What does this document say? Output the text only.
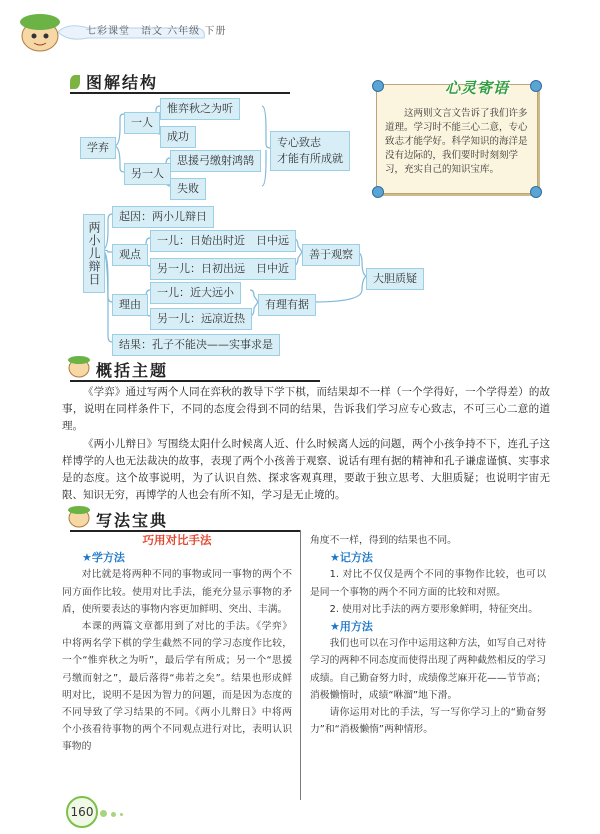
七彩课堂　语文 六年级 下册
图解结构
学弃
一人
另一人
惟弈秋之为听
成功
思援弓缴射鸿鹄
失败
专心致志
才能有所成就
两小儿辩日
起因：两小儿辩日
观点
一儿：日始出时近　日中远
另一儿：日初出远　日中近
善于观察
理由
一儿：近大远小
另一儿：远凉近热
有理有据
大胆质疑
结果：孔子不能决——实事求是
心灵寄语
这两则文言文告诉了我们许多道理。学习时不能三心二意，专心致志才能学好。科学知识的海洋是没有边际的，我们要时时刻刻学习，充实自己的知识宝库。
概括主题
《学弈》通过写两个人同在弈秋的教导下学下棋，而结果却不一样（一个学得好，一个学得差）的故事，说明在同样条件下，不同的态度会得到不同的结果，告诉我们学习应专心致志，不可三心二意的道理。
《两小儿辩日》写围绕太阳什么时候离人近、什么时候离人远的问题，两个小孩争持不下，连孔子这样博学的人也无法裁决的故事，表现了两个小孩善于观察、说话有理有据的精神和孔子谦虚谨慎、实事求是的态度。这个故事说明，为了认识自然、探求客观真理，要敢于独立思考、大胆质疑；也说明宇宙无限、知识无穷，再博学的人也会有所不知，学习是无止境的。
写法宝典
巧用对比手法
★学方法

对比就是将两种不同的事物或同一事物的两个不同方面作比较。使用对比手法，能充分显示事物的矛盾，使所要表达的事物内容更加鲜明、突出、丰满。

本课的两篇文章都用到了对比的手法。《学弈》中将两名学下棋的学生截然不同的学习态度作比较，一个“惟弈秋之为听”，最后学有所成；另一个“思援弓缴而射之”，最后落得“弗若之矣”。结果也形成鲜明对比，说明不是因为智力的问题，而是因为态度的不同导致了学习结果的不同。《两小儿辩日》中将两个小孩看待事物的两个不同观点进行对比，表明认识事物的

角度不一样，得到的结果也不同。

★记方法

1. 对比不仅仅是两个不同的事物作比较，也可以是同一个事物的两个不同方面的比较和对照。

2. 使用对比手法的两方要形象鲜明，特征突出。

★用方法

我们也可以在习作中运用这种方法，如写自己对待学习的两种不同态度而使得出现了两种截然相反的学习成绩。自己勤奋努力时，成绩像芝麻开花——节节高；消极懒惰时，成绩“咻溜”地下滑。

请你运用对比的手法，写一写你学习上的“勤奋努力”和“消极懒惰”两种情形。

160
